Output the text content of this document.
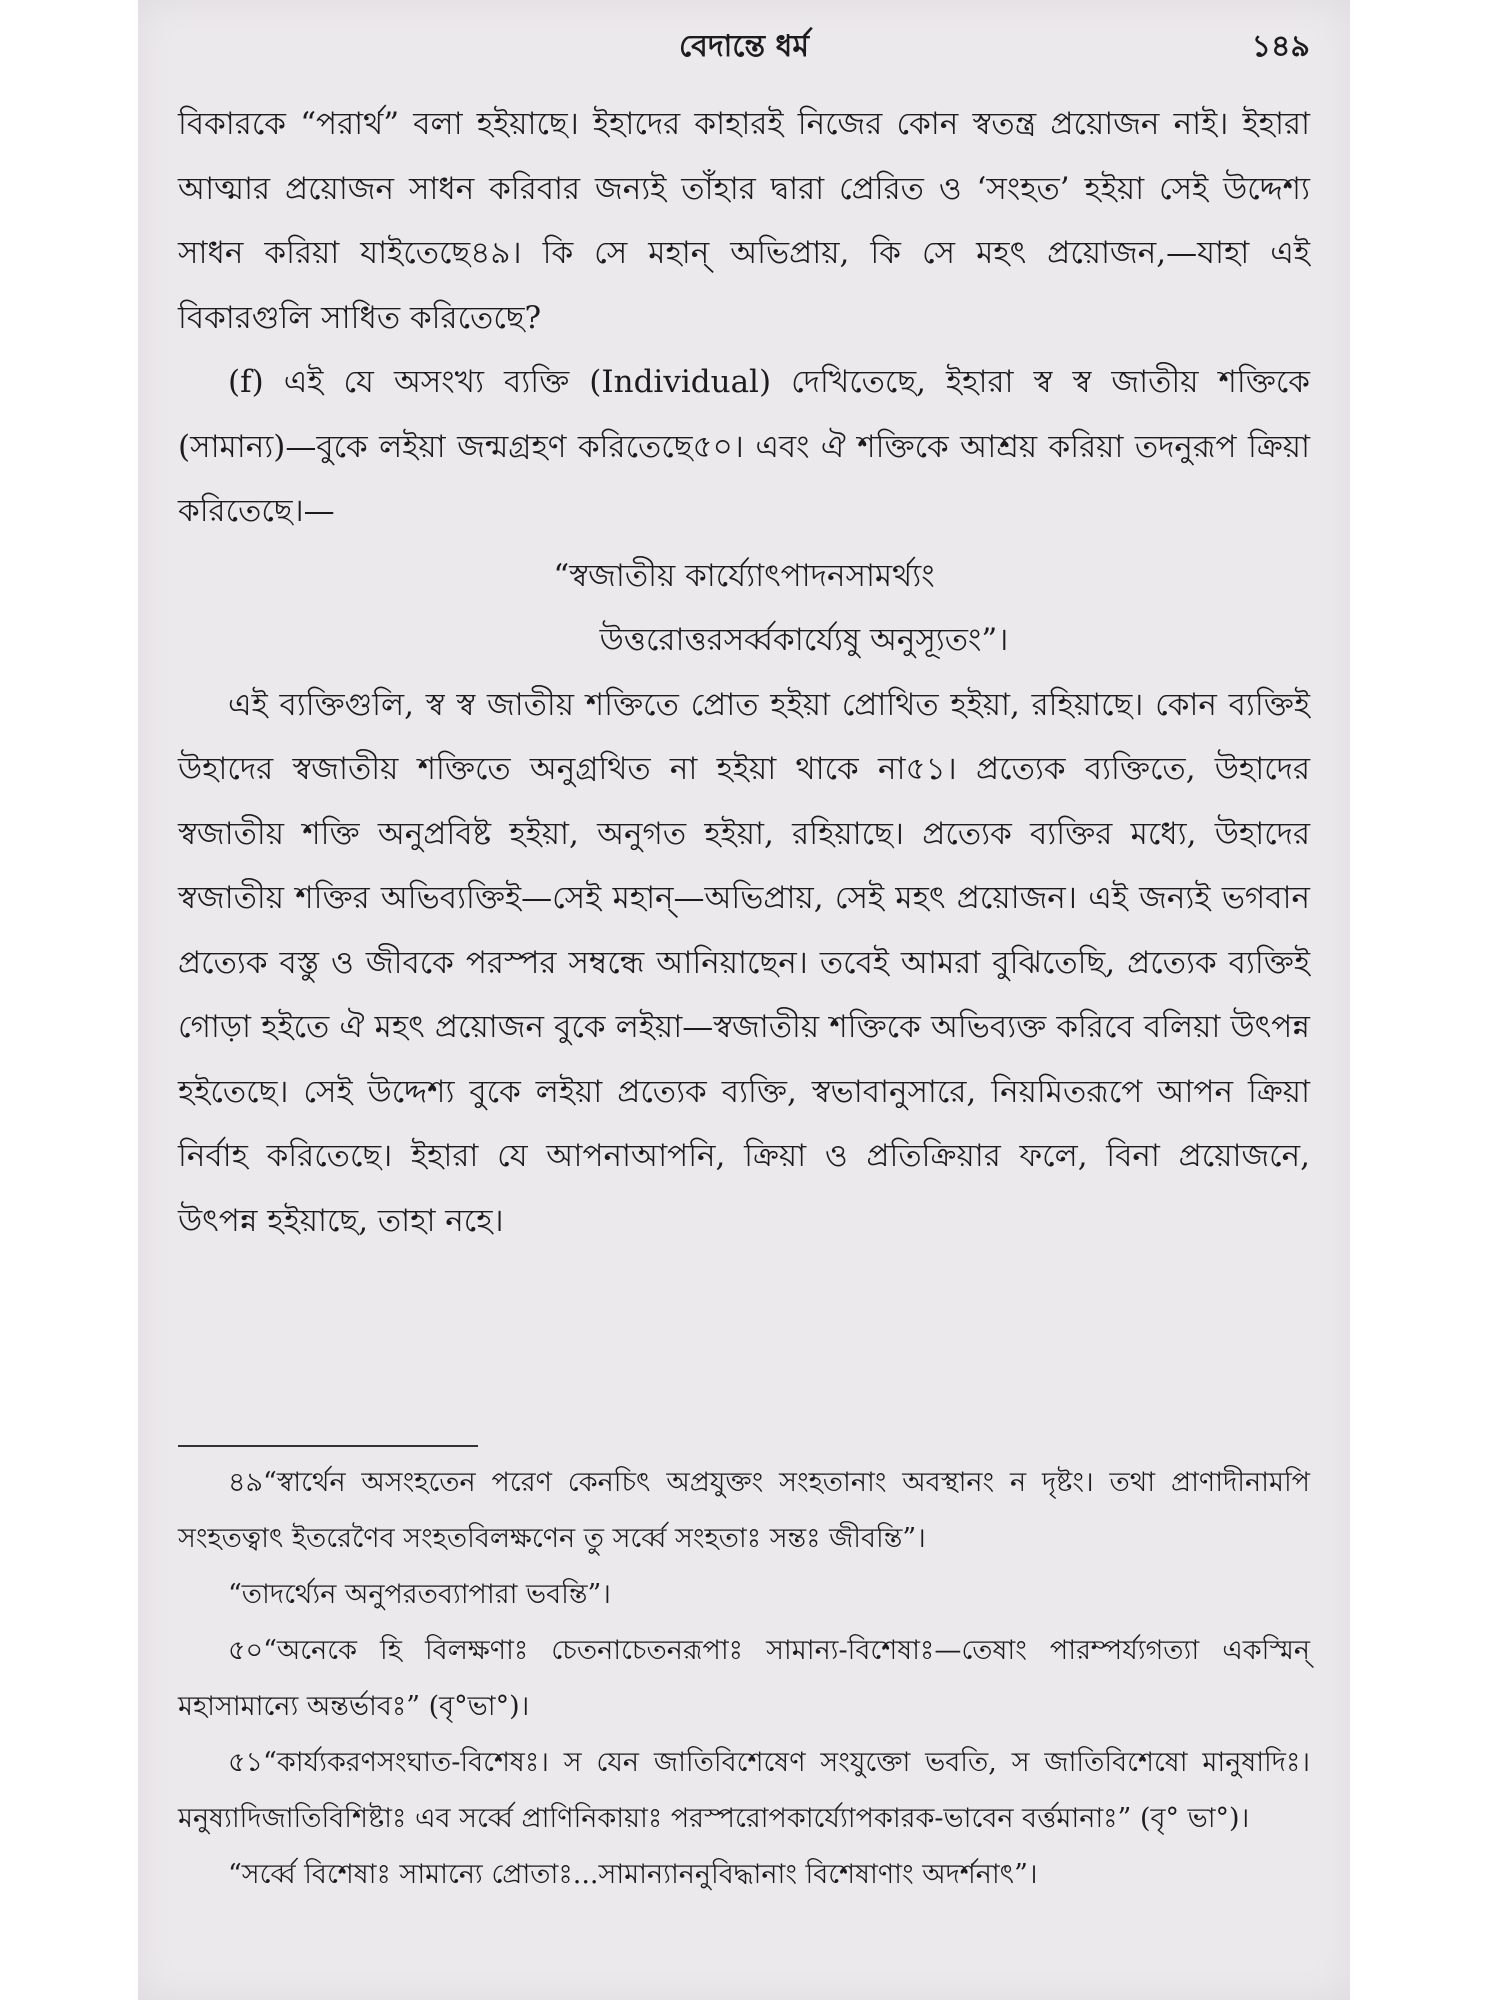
বেদান্তে ধর্ম	১৪৯

বিকারকে “পরার্থ” বলা হইয়াছে। ইহাদের কাহারই নিজের কোন স্বতন্ত্র প্রয়োজন নাই। ইহারা আত্মার প্রয়োজন সাধন করিবার জন্যই তাঁহার দ্বারা প্রেরিত ও ‘সংহত’ হইয়া সেই উদ্দেশ্য সাধন করিয়া যাইতেছে৪৯। কি সে মহান্ অভিপ্রায়, কি সে মহৎ প্রয়োজন,—যাহা এই বিকারগুলি সাধিত করিতেছে?

(f) এই যে অসংখ্য ব্যক্তি (Individual) দেখিতেছে, ইহারা স্ব স্ব জাতীয় শক্তিকে (সামান্য)—বুকে লইয়া জন্মগ্রহণ করিতেছে৫০। এবং ঐ শক্তিকে আশ্রয় করিয়া তদনুরূপ ক্রিয়া করিতেছে।—

“স্বজাতীয় কার্য্যোৎপাদনসামর্থ্যং

উত্তরোত্তরসর্ব্বকার্য্যেষু অনুস্যূতং”।

এই ব্যক্তিগুলি, স্ব স্ব জাতীয় শক্তিতে প্রোত হইয়া প্রোথিত হইয়া, রহিয়াছে। কোন ব্যক্তিই উহাদের স্বজাতীয় শক্তিতে অনুগ্রথিত না হইয়া থাকে না৫১। প্রত্যেক ব্যক্তিতে, উহাদের স্বজাতীয় শক্তি অনুপ্রবিষ্ট হইয়া, অনুগত হইয়া, রহিয়াছে। প্রত্যেক ব্যক্তির মধ্যে, উহাদের স্বজাতীয় শক্তির অভিব্যক্তিই—সেই মহান্—অভিপ্রায়, সেই মহৎ প্রয়োজন। এই জন্যই ভগবান প্রত্যেক বস্তু ও জীবকে পরস্পর সম্বন্ধে আনিয়াছেন। তবেই আমরা বুঝিতেছি, প্রত্যেক ব্যক্তিই গোড়া হইতে ঐ মহৎ প্রয়োজন বুকে লইয়া—স্বজাতীয় শক্তিকে অভিব্যক্ত করিবে বলিয়া উৎপন্ন হইতেছে। সেই উদ্দেশ্য বুকে লইয়া প্রত্যেক ব্যক্তি, স্বভাবানুসারে, নিয়মিতরূপে আপন ক্রিয়া নির্বাহ করিতেছে। ইহারা যে আপনাআপনি, ক্রিয়া ও প্রতিক্রিয়ার ফলে, বিনা প্রয়োজনে, উৎপন্ন হইয়াছে, তাহা নহে।

৪৯“স্বার্থেন অসংহতেন পরেণ কেনচিৎ অপ্রযুক্তং সংহতানাং অবস্থানং ন দৃষ্টং। তথা প্রাণাদীনামপি সংহতত্বাৎ ইতরেণৈব সংহতবিলক্ষণেন তু সর্ব্বে সংহতাঃ সন্তঃ জীবন্তি”।

“তাদর্থ্যেন অনুপরতব্যাপারা ভবন্তি”।

৫০“অনেকে হি বিলক্ষণাঃ চেতনাচেতনরূপাঃ সামান্য-বিশেষাঃ—তেষাং পারম্পর্য্যগত্যা একস্মিন্ মহাসামান্যে অন্তর্ভাবঃ” (বৃ°ভা°)।

৫১“কার্য্যকরণসংঘাত-বিশেষঃ। স যেন জাতিবিশেষেণ সংযুক্তো ভবতি, স জাতিবিশেষো মানুষাদিঃ। মনুষ্যাদিজাতিবিশিষ্টাঃ এব সর্ব্বে প্রাণিনিকায়াঃ পরস্পরোপকার্য্যোপকারক-ভাবেন বর্ত্তমানাঃ” (বৃ° ভা°)।

“সর্ব্বে বিশেষাঃ সামান্যে প্রোতাঃ...সামান্যাননুবিদ্ধানাং বিশেষাণাং অদর্শনাৎ”।
